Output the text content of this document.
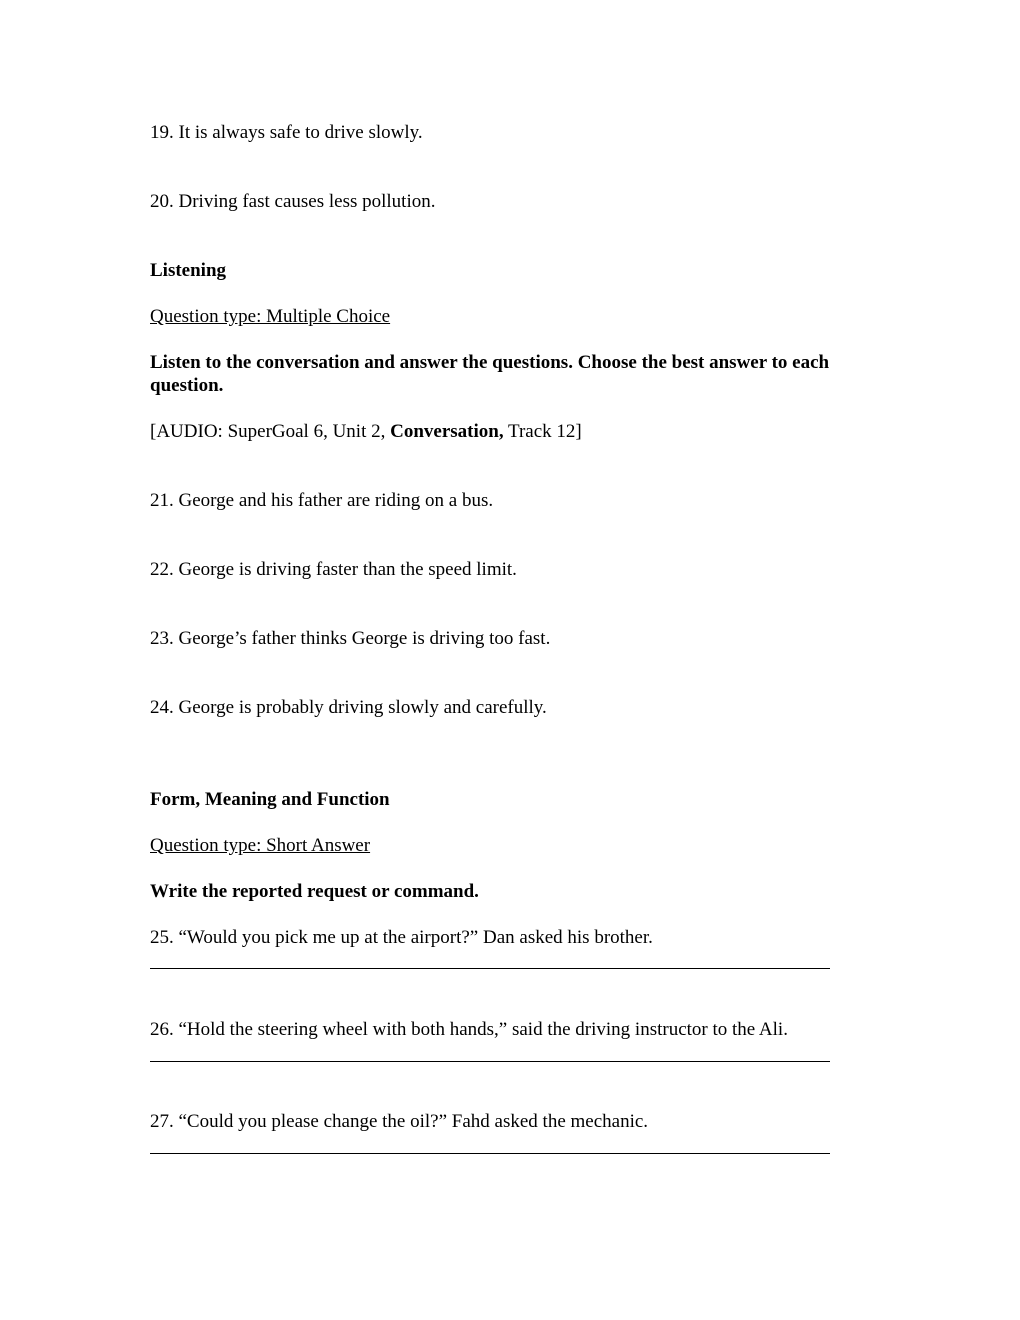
19. It is always safe to drive slowly.
20. Driving fast causes less pollution.
Listening
Question type: Multiple Choice
Listen to the conversation and answer the questions. Choose the best answer to each question.
[AUDIO: SuperGoal 6, Unit 2, Conversation, Track 12]
21. George and his father are riding on a bus.
22. George is driving faster than the speed limit.
23. George’s father thinks George is driving too fast.
24. George is probably driving slowly and carefully.
Form, Meaning and Function
Question type: Short Answer
Write the reported request or command.
25. “Would you pick me up at the airport?” Dan asked his brother.
26. “Hold the steering wheel with both hands,” said the driving instructor to the Ali.
27. “Could you please change the oil?” Fahd asked the mechanic.
